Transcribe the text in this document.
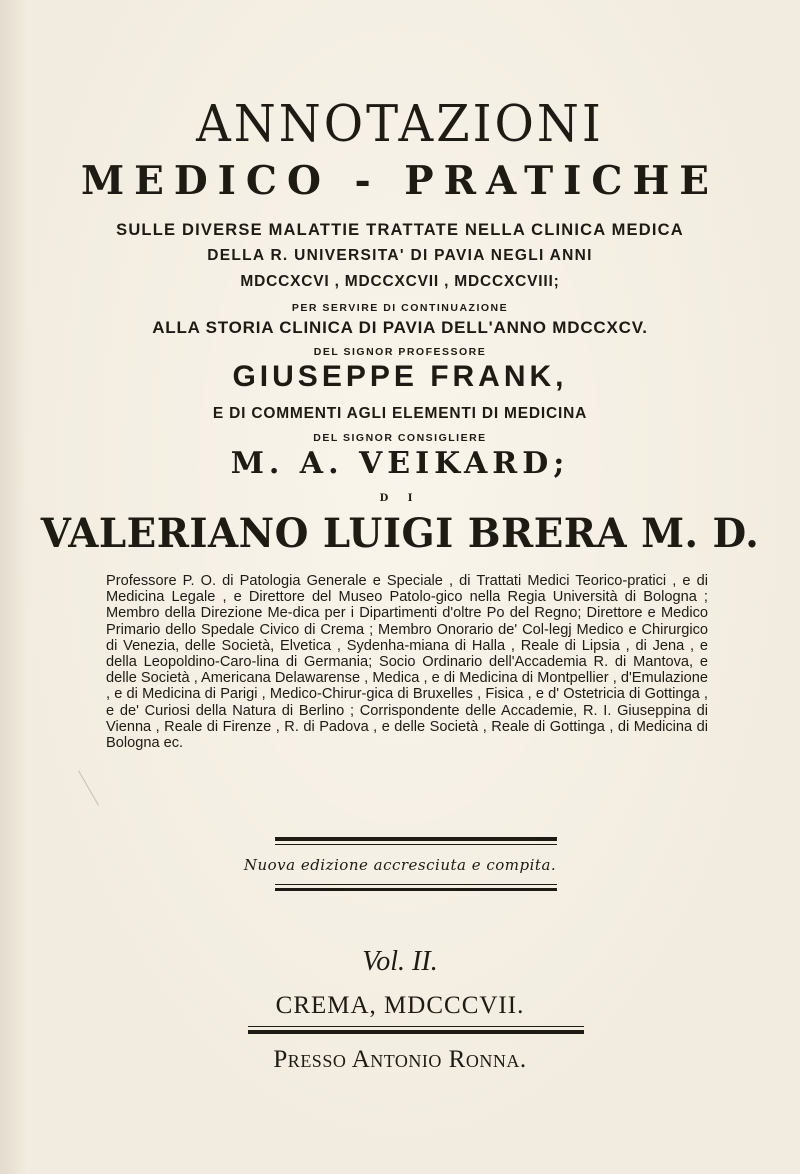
ANNOTAZIONI
MEDICO - PRATICHE
SULLE DIVERSE MALATTIE TRATTATE NELLA CLINICA MEDICA
DELLA R. UNIVERSITA' DI PAVIA NEGLI ANNI
MDCCXCVI , MDCCXCVII , MDCCXCVIII;
PER SERVIRE DI CONTINUAZIONE
ALLA STORIA CLINICA DI PAVIA DELL'ANNO MDCCXCV.
DEL SIGNOR PROFESSORE
GIUSEPPE FRANK,
E DI COMMENTI AGLI ELEMENTI DI MEDICINA
DEL SIGNOR CONSIGLIERE
M. A. VEIKARD;
D I
VALERIANO LUIGI BRERA M. D.
Professore P. O. di Patologia Generale e Speciale , di Trattati Medici Teorico-pratici , e di Medicina Legale , e Direttore del Museo Patolo-gico nella Regia Università di Bologna ; Membro della Direzione Me-dica per i Dipartimenti d'oltre Po del Regno; Direttore e Medico Primario dello Spedale Civico di Crema ; Membro Onorario de' Col-legj Medico e Chirurgico di Venezia, delle Società, Elvetica , Sydenha-miana di Halla , Reale di Lipsia , di Jena , e della Leopoldino-Caro-lina di Germania; Socio Ordinario dell'Accademia R. di Mantova, e delle Società , Americana Delawarense , Medica , e di Medicina di Montpellier , d'Emulazione , e di Medicina di Parigi , Medico-Chirur-gica di Bruxelles , Fisica , e d' Ostetricia di Gottinga , e de' Curiosi della Natura di Berlino ; Corrispondente delle Accademie, R. I. Giuseppina di Vienna , Reale di Firenze , R. di Padova , e delle Società , Reale di Gottinga , di Medicina di Bologna ec.
Nuova edizione accresciuta e compita.
Vol. II.
CREMA, MDCCCVII.
Presso Antonio Ronna.
